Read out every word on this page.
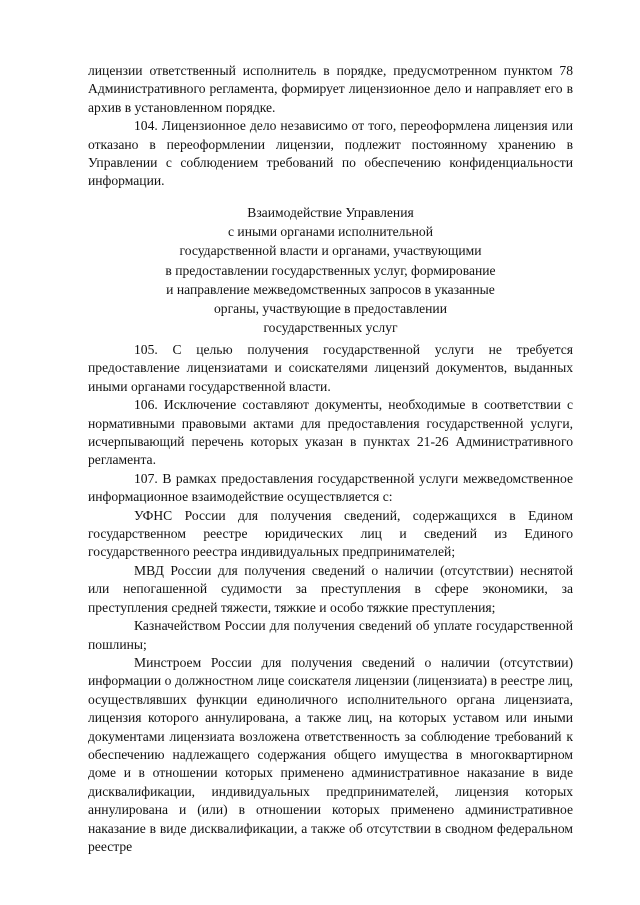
лицензии ответственный исполнитель в порядке, предусмотренном пунктом 78 Административного регламента, формирует лицензионное дело и направляет его в архив в установленном порядке.

104. Лицензионное дело независимо от того, переоформлена лицензия или отказано в переоформлении лицензии, подлежит постоянному хранению в Управлении с соблюдением требований по обеспечению конфиденциальности информации.

Взаимодействие Управления
с иными органами исполнительной
государственной власти и органами, участвующими
в предоставлении государственных услуг, формирование
и направление межведомственных запросов в указанные
органы, участвующие в предоставлении
государственных услуг

105. С целью получения государственной услуги не требуется предоставление лицензиатами и соискателями лицензий документов, выданных иными органами государственной власти.

106. Исключение составляют документы, необходимые в соответствии с нормативными правовыми актами для предоставления государственной услуги, исчерпывающий перечень которых указан в пунктах 21-26 Административного регламента.

107. В рамках предоставления государственной услуги межведомственное информационное взаимодействие осуществляется с:

УФНС России для получения сведений, содержащихся в Едином государственном реестре юридических лиц и сведений из Единого государственного реестра индивидуальных предпринимателей;

МВД России для получения сведений о наличии (отсутствии) неснятой или непогашенной судимости за преступления в сфере экономики, за преступления средней тяжести, тяжкие и особо тяжкие преступления;

Казначейством России для получения сведений об уплате государственной пошлины;

Минстроем России для получения сведений о наличии (отсутствии) информации о должностном лице соискателя лицензии (лицензиата) в реестре лиц, осуществлявших функции единоличного исполнительного органа лицензиата, лицензия которого аннулирована, а также лиц, на которых уставом или иными документами лицензиата возложена ответственность за соблюдение требований к обеспечению надлежащего содержания общего имущества в многоквартирном доме и в отношении которых применено административное наказание в виде дисквалификации, индивидуальных предпринимателей, лицензия которых аннулирована и (или) в отношении которых применено административное наказание в виде дисквалификации, а также об отсутствии в сводном федеральном реестре
